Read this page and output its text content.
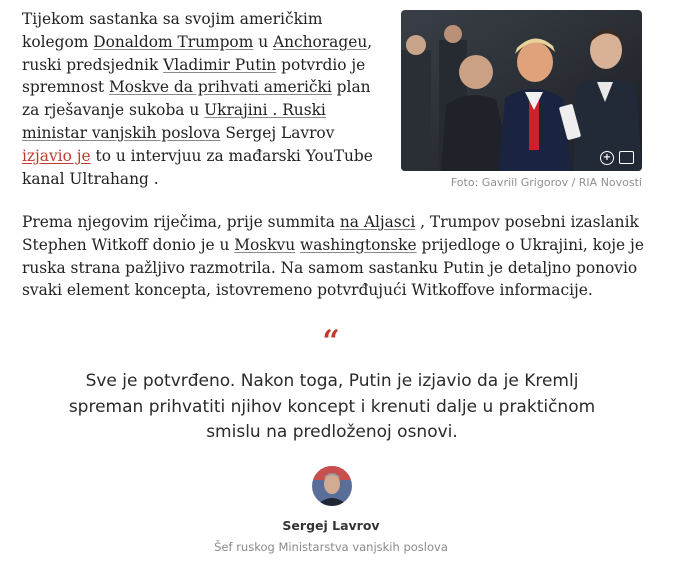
Tijekom sastanka sa svojim američkim kolegom Donaldom Trumpom u Anchorageu, ruski predsjednik Vladimir Putin potvrdio je spremnost Moskve da prihvati američki plan za rješavanje sukoba u Ukrajini . Ruski ministar vanjskih poslova Sergej Lavrov izjavio je to u intervjuu za mađarski YouTube kanal Ultrahang .
+
Foto: Gavriil Grigorov / RIA Novosti
Prema njegovim riječima, prije summita na Aljasci , Trumpov posebni izaslanik Stephen Witkoff donio je u Moskvu washingtonske prijedloge o Ukrajini, koje je ruska strana pažljivo razmotrila. Na samom sastanku Putin je detaljno ponovio svaki element koncepta, istovremeno potvrđujući Witkoffove informacije.
“
Sve je potvrđeno. Nakon toga, Putin je izjavio da je Kremlj spreman prihvatiti njihov koncept i krenuti dalje u praktičnom smislu na predloženoj osnovi.
Sergej Lavrov
Šef ruskog Ministarstva vanjskih poslova
